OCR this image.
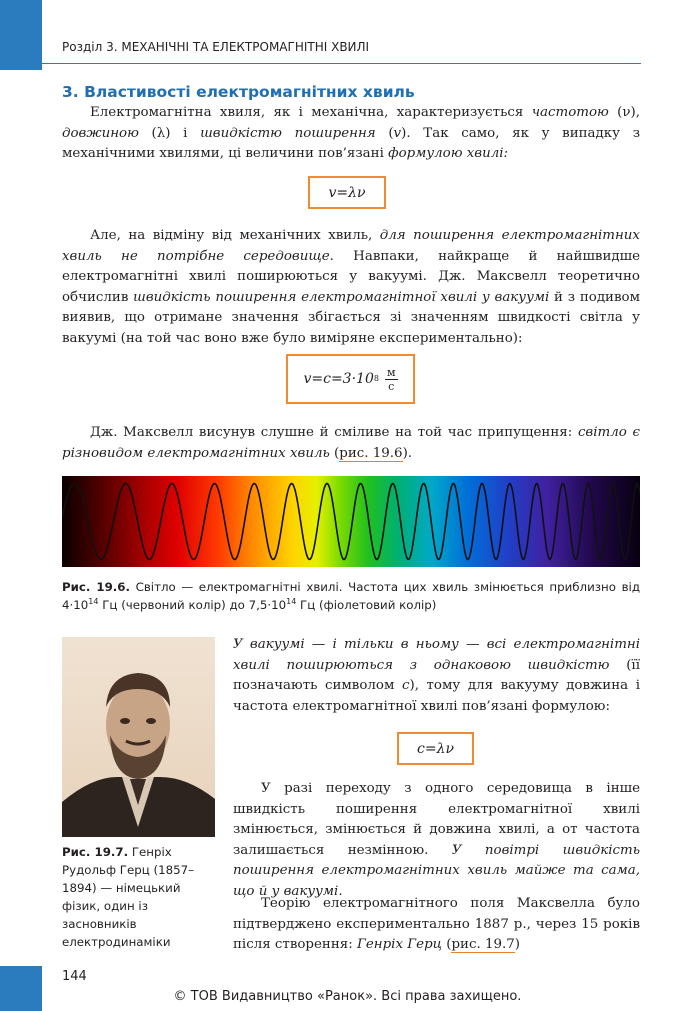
Розділ 3. МЕХАНІЧНІ ТА ЕЛЕКТРОМАГНІТНІ ХВИЛІ
3. Властивості електромагнітних хвиль

Електромагнітна хвиля, як і механічна, характеризується частотою (ν), довжиною (λ) і швидкістю поширення (v). Так само, як у випадку з механічними хвилями, ці величини пов’язані формулою хвилі:

v=λν

Але, на відміну від механічних хвиль, для поширення електромагнітних хвиль не потрібне середовище. Навпаки, найкраще й найшвидше електромагнітні хвилі поширюються у вакуумі. Дж. Максвелл теоретично обчислив швидкість поширення електромагнітної хвилі у вакуумі й з подивом виявив, що отримане значення збігається зі значенням швидкості світла у вакуумі (на той час воно вже було виміряне експериментально):

v=c=3·10 $8 \frac{м}{с}$

Дж. Максвелл висунув слушне й сміливе на той час припущення: світло є різновидом електромагнітних хвиль (рис. 19.6).

Рис. 19.6. Світло — електромагнітні хвилі. Частота цих хвиль змінюється приблизно від $4\cdot 10^{14}$ Гц (червоний колір) до $7,5\cdot 10^{14}$ Гц (фіолетовий колір)
Рис. 19.7. Генріх Рудольф Герц (1857–1894) — німецький фізик, один із засновників електродинаміки

У вакуумі — і тільки в ньому — всі електромагнітні хвилі поширюються з однаковою швидкістю (її позначають символом c), тому для вакууму довжина і частота електромагнітної хвилі пов’язані формулою:

c=λν

У разі переходу з одного середовища в інше швидкість поширення електромагнітної хвилі змінюється, змінюється й довжина хвилі, а от частота залишається незмінною. У повітрі швидкість поширення електромагнітних хвиль майже та сама, що й у вакуумі.

Теорію електромагнітного поля Максвелла було підтверджено експериментально 1887 р., через 15 років після створення: Генріх Герц (рис. 19.7)

144
© ТОВ Видавництво «Ранок». Всі права захищено.
